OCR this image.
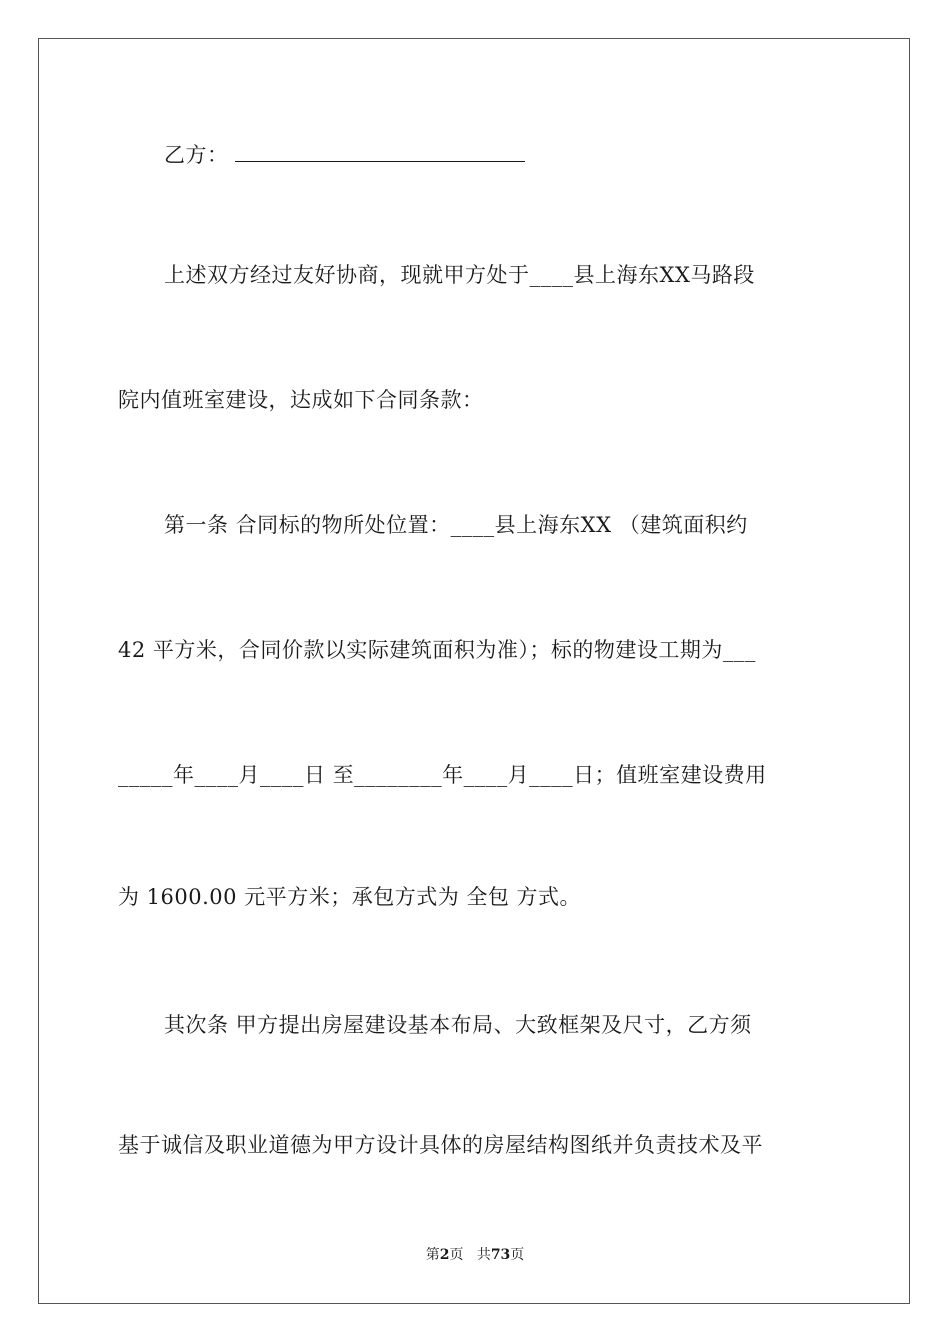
乙方：
上述双方经过友好协商，现就甲方处于____县上海东XX马路段
院内值班室建设，达成如下合同条款：
第一条 合同标的物所处位置：____县上海东XX （建筑面积约
42 平方米，合同价款以实际建筑面积为准）；标的物建设工期为___
_____年____月____日 至________年____月____日；值班室建设费用
为 1600.00 元平方米；承包方式为 全包 方式。
其次条 甲方提出房屋建设基本布局、大致框架及尺寸，乙方须
基于诚信及职业道德为甲方设计具体的房屋结构图纸并负责技术及平
第2页 共73页
